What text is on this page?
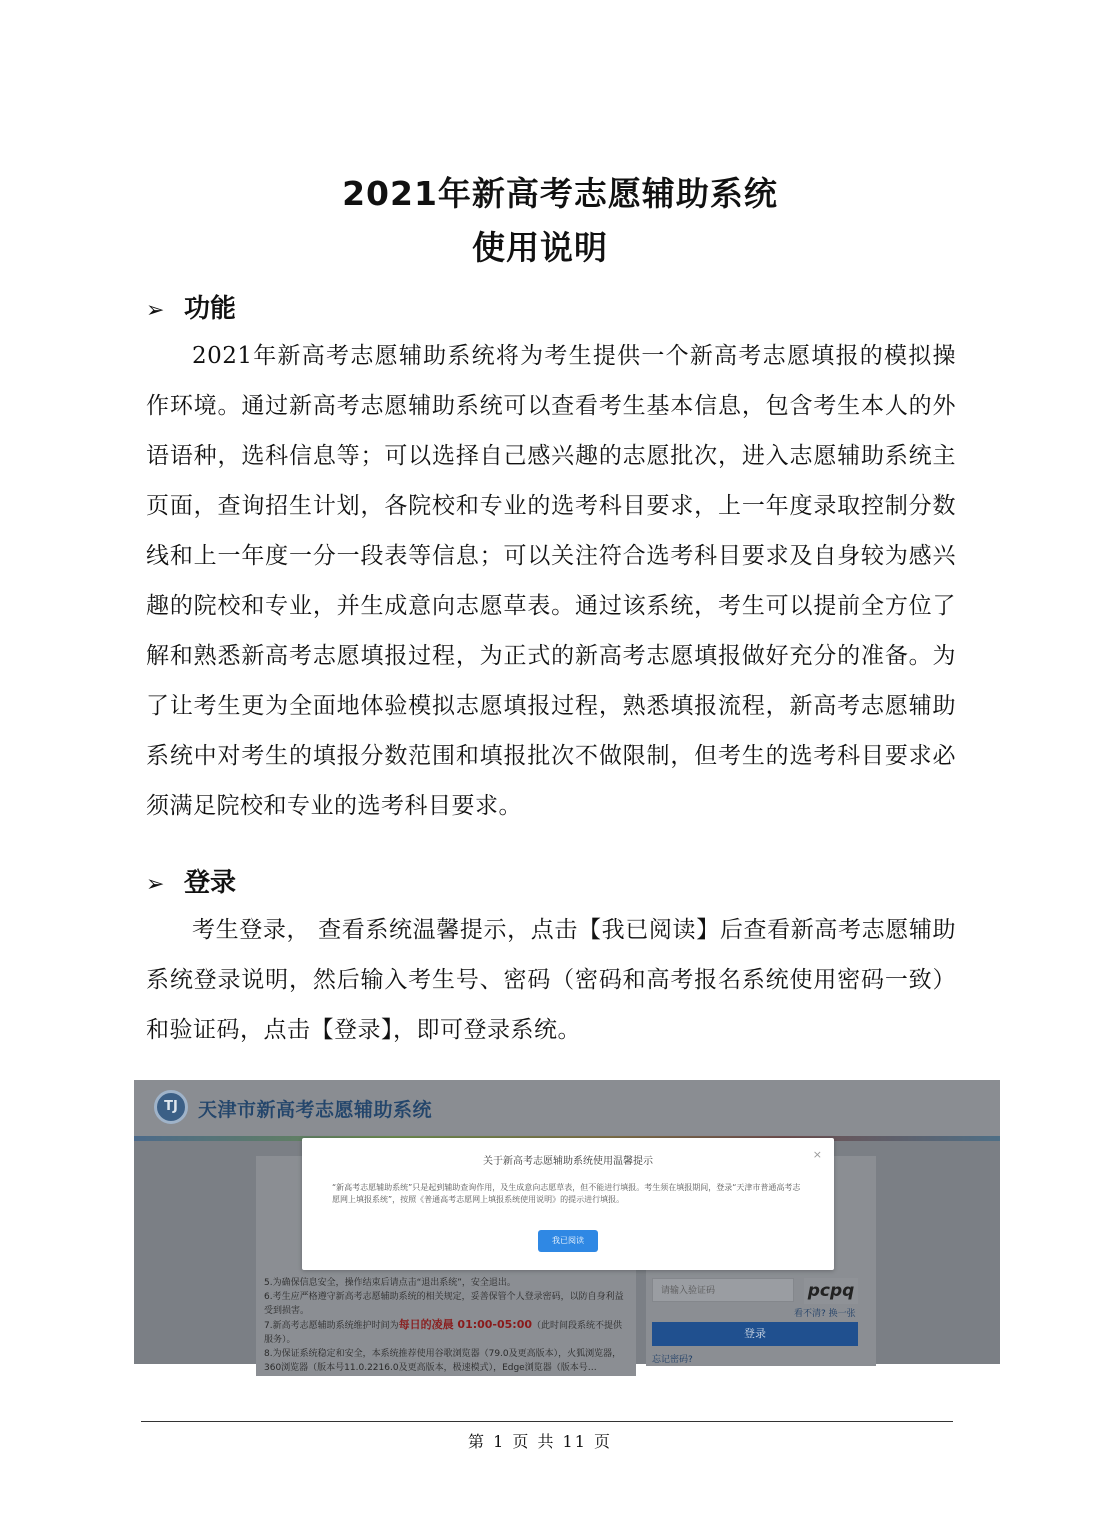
2021年新高考志愿辅助系统
使用说明
➢ 功能

2021年新高考志愿辅助系统将为考生提供一个新高考志愿填报的模拟操作环境。通过新高考志愿辅助系统可以查看考生基本信息，包含考生本人的外语语种，选科信息等；可以选择自己感兴趣的志愿批次，进入志愿辅助系统主页面，查询招生计划，各院校和专业的选考科目要求，上一年度录取控制分数线和上一年度一分一段表等信息；可以关注符合选考科目要求及自身较为感兴趣的院校和专业，并生成意向志愿草表。通过该系统，考生可以提前全方位了解和熟悉新高考志愿填报过程，为正式的新高考志愿填报做好充分的准备。为了让考生更为全面地体验模拟志愿填报过程，熟悉填报流程，新高考志愿辅助系统中对考生的填报分数范围和填报批次不做限制，但考生的选考科目要求必须满足院校和专业的选考科目要求。

➢ 登录

考生登录， 查看系统温馨提示，点击【我已阅读】后查看新高考志愿辅助系统登录说明，然后输入考生号、密码（密码和高考报名系统使用密码一致）和验证码，点击【登录】，即可登录系统。

TJ	天津市新高考志愿辅助系统
5.为确保信息安全，操作结束后请点击“退出系统”，安全退出。
6.考生应严格遵守新高考志愿辅助系统的相关规定，妥善保管个人登录密码，以防自身利益受到损害。
7.新高考志愿辅助系统维护时间为每日的凌晨 01:00-05:00（此时间段系统不提供服务）。
8.为保证系统稳定和安全，本系统推荐使用谷歌浏览器（79.0及更高版本），火狐浏览器，360浏览器（版本号11.0.2216.0及更高版本，极速模式），Edge浏览器（版本号…
请输入验证码	pcpq
看不清? 换一张
登录
忘记密码?
关于新高考志愿辅助系统使用温馨提示
×
“新高考志愿辅助系统”只是起到辅助查询作用，及生成意向志愿草表，但不能进行填报。考生须在填报期间，登录“天津市普通高考志愿网上填报系统”，按照《普通高考志愿网上填报系统使用说明》的提示进行填报。
我已阅读
第 1 页 共 11 页
